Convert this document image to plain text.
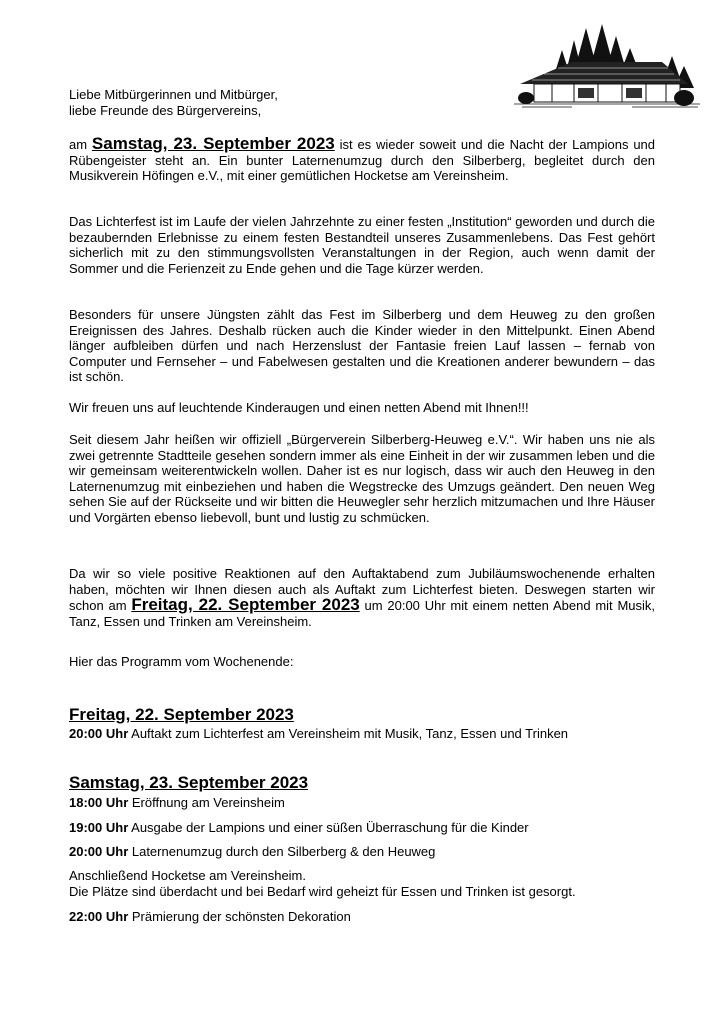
Liebe Mitbürgerinnen und Mitbürger,
liebe Freunde des Bürgervereins,

am Samstag, 23. September 2023 ist es wieder soweit und die Nacht der Lampions und Rübengeister steht an. Ein bunter Laternenumzug durch den Silberberg, begleitet durch den Musikverein Höfingen e.V., mit einer gemütlichen Hocketse am Vereinsheim.

Das Lichterfest ist im Laufe der vielen Jahrzehnte zu einer festen „Institution“ geworden und durch die bezaubernden Erlebnisse zu einem festen Bestandteil unseres Zusammenlebens. Das Fest gehört sicherlich mit zu den stimmungsvollsten Veranstaltungen in der Region, auch wenn damit der Sommer und die Ferienzeit zu Ende gehen und die Tage kürzer werden.

Besonders für unsere Jüngsten zählt das Fest im Silberberg und dem Heuweg zu den großen Ereignissen des Jahres. Deshalb rücken auch die Kinder wieder in den Mittelpunkt. Einen Abend länger aufbleiben dürfen und nach Herzenslust der Fantasie freien Lauf lassen – fernab von Computer und Fernseher – und Fabelwesen gestalten und die Kreationen anderer bewundern – das ist schön.

Wir freuen uns auf leuchtende Kinderaugen und einen netten Abend mit Ihnen!!!

Seit diesem Jahr heißen wir offiziell „Bürgerverein Silberberg-Heuweg e.V.“. Wir haben uns nie als zwei getrennte Stadtteile gesehen sondern immer als eine Einheit in der wir zusammen leben und die wir gemeinsam weiterentwickeln wollen. Daher ist es nur logisch, dass wir auch den Heuweg in den Laternenumzug mit einbeziehen und haben die Wegstrecke des Umzugs geändert. Den neuen Weg sehen Sie auf der Rückseite und wir bitten die Heuwegler sehr herzlich mitzumachen und Ihre Häuser und Vorgärten ebenso liebevoll, bunt und lustig zu schmücken.

Da wir so viele positive Reaktionen auf den Auftaktabend zum Jubiläumswochenende erhalten haben, möchten wir Ihnen diesen auch als Auftakt zum Lichterfest bieten. Deswegen starten wir schon am Freitag, 22. September 2023 um 20:00 Uhr mit einem netten Abend mit Musik, Tanz, Essen und Trinken am Vereinsheim.

Hier das Programm vom Wochenende:

Freitag, 22. September 2023

20:00 Uhr Auftakt zum Lichterfest am Vereinsheim mit Musik, Tanz, Essen und Trinken

Samstag, 23. September 2023

18:00 Uhr Eröffnung am Vereinsheim

19:00 Uhr Ausgabe der Lampions und einer süßen Überraschung für die Kinder

20:00 Uhr Laternenumzug durch den Silberberg & den Heuweg

Anschließend Hocketse am Vereinsheim.

Die Plätze sind überdacht und bei Bedarf wird geheizt für Essen und Trinken ist gesorgt.

22:00 Uhr Prämierung der schönsten Dekoration
